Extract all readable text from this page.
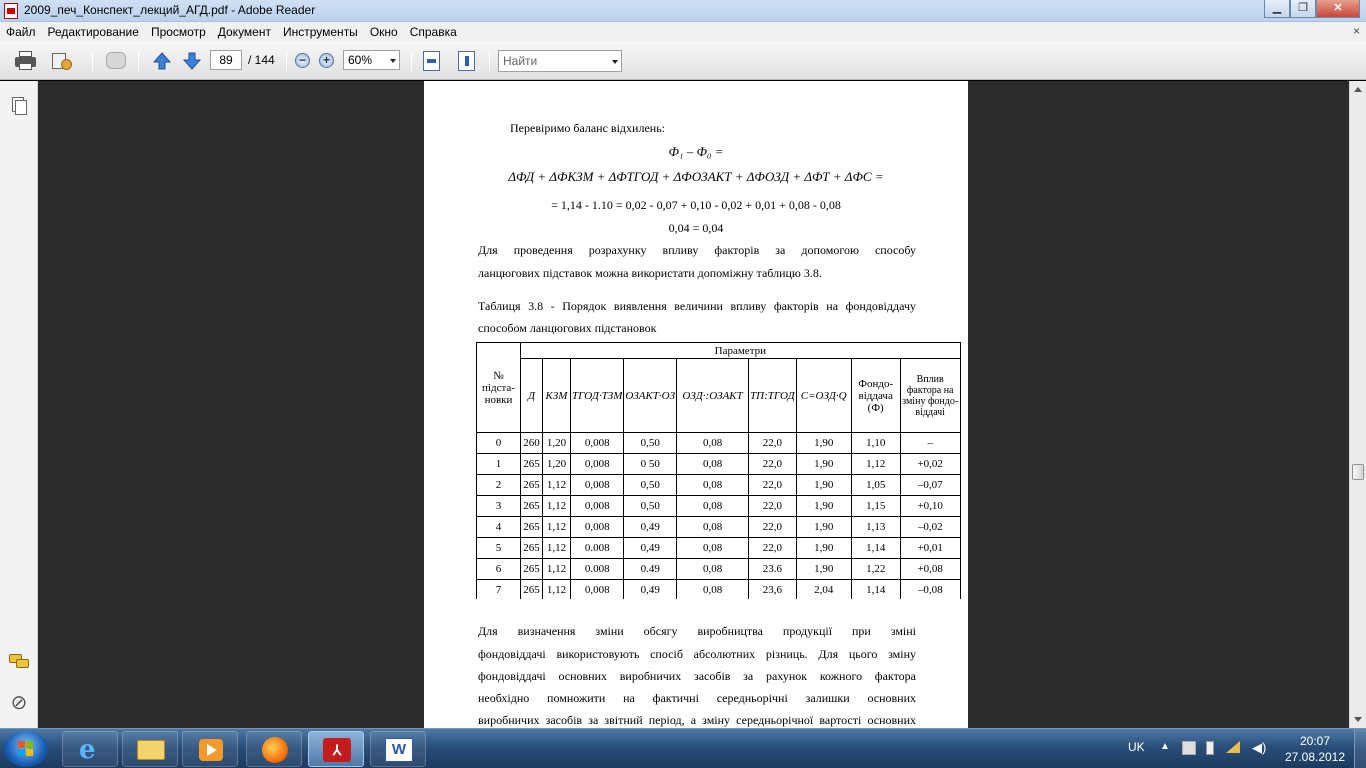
2009_печ_Конспект_лекций_АГД.pdf - Adobe Reader	▁	❐	✕
Файл Редактирование Просмотр Документ Инструменты Окно Справка	×
89	/ 144	−	+	60%	Найти
⊘
Перевіримо баланс відхилень:
Ф₁ – Ф₀ =
ΔФД + ΔФКЗМ + ΔФТГОД + ΔФОЗАКТ + ΔФОЗД + ΔФТ + ΔФС =
= 1,14 - 1.10 = 0,02 - 0,07 + 0,10 - 0,02 + 0,01 + 0,08 - 0,08
0,04 = 0,04

Для проведення розрахунку впливу факторів за допомогою способу

ланцюгових підставок можна використати допоміжну таблицю 3.8.

Таблиця 3.8 - Порядок виявлення величини впливу факторів на фондовіддачу

способом ланцюгових підстановок

№ підста-новки	Параметри								
	Д	КЗМ	ТГОД·ТЗМ	ОЗАКТ·ОЗ	ОЗД·:ОЗАКТ	ТП:ТГОД	С=ОЗД·Q	Фондо-віддача (Ф)	Вплив фактора на зміну фондо-віддачі
0	260	1,20	0,008	0,50	0,08	22,0	1,90	1,10	–
1	265	1,20	0,008	0 50	0,08	22,0	1,90	1,12	+0,02
2	265	1,12	0,008	0,50	0,08	22,0	1,90	1,05	–0,07
3	265	1,12	0,008	0,50	0,08	22,0	1,90	1,15	+0,10
4	265	1,12	0,008	0,49	0,08	22,0	1,90	1,13	–0,02
5	265	1,12	0.008	0,49	0,08	22,0	1,90	1,14	+0,01
6	265	1,12	0.008	0.49	0,08	23.6	1,90	1,22	+0,08
7	265	1,12	0,008	0,49	0,08	23,6	2,04	1,14	–0,08

Для визначення зміни обсягу виробництва продукції при зміні

фондовіддачі використовують спосіб абсолютних різниць. Для цього зміну

фондовіддачі основних виробничих засобів за рахунок кожного фактора

необхідно помножити на фактичні середньорічні залишки основних

виробничих засобів за звітний період, а зміну середньорічної вартості основних

e	⅄	W	UK ▲	◀)	20:07
27.08.2012
